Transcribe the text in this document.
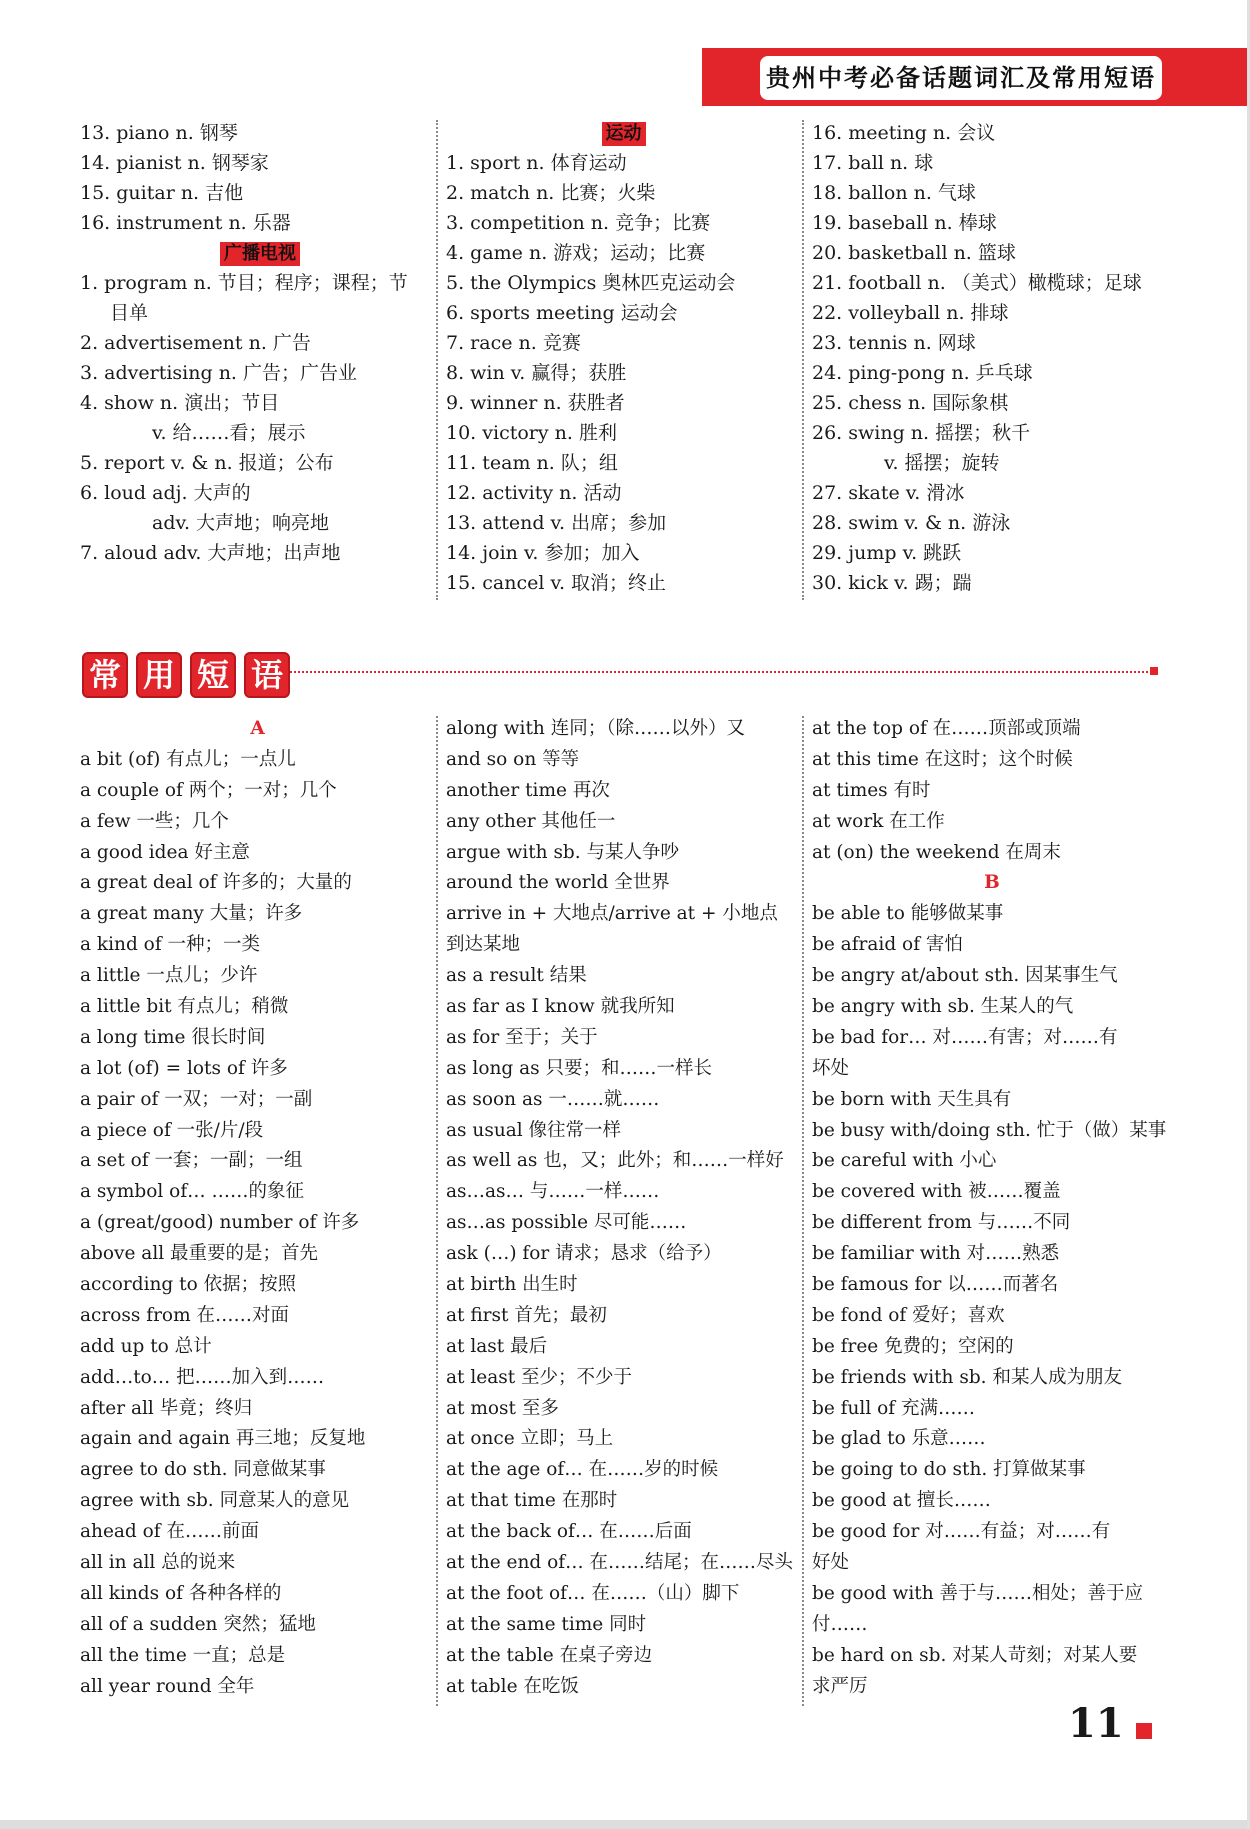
贵州中考必备话题词汇及常用短语
13. piano n. 钢琴
14. pianist n. 钢琴家
15. guitar n. 吉他
16. instrument n. 乐器
广播电视
1. program n. 节目；程序；课程；节
目单
2. advertisement n. 广告
3. advertising n. 广告；广告业
4. show n. 演出；节目
v. 给……看；展示
5. report v. & n. 报道；公布
6. loud adj. 大声的
adv. 大声地；响亮地
7. aloud adv. 大声地；出声地
运动
1. sport n. 体育运动
2. match n. 比赛；火柴
3. competition n. 竞争；比赛
4. game n. 游戏；运动；比赛
5. the Olympics 奥林匹克运动会
6. sports meeting 运动会
7. race n. 竞赛
8. win v. 赢得；获胜
9. winner n. 获胜者
10. victory n. 胜利
11. team n. 队；组
12. activity n. 活动
13. attend v. 出席；参加
14. join v. 参加；加入
15. cancel v. 取消；终止
16. meeting n. 会议
17. ball n. 球
18. ballon n. 气球
19. baseball n. 棒球
20. basketball n. 篮球
21. football n. （美式）橄榄球；足球
22. volleyball n. 排球
23. tennis n. 网球
24. ping-pong n. 乒乓球
25. chess n. 国际象棋
26. swing n. 摇摆；秋千
v. 摇摆；旋转
27. skate v. 滑冰
28. swim v. & n. 游泳
29. jump v. 跳跃
30. kick v. 踢；踹
常 用 短 语
A
a bit (of) 有点儿；一点儿
a couple of 两个；一对；几个
a few 一些；几个
a good idea 好主意
a great deal of 许多的；大量的
a great many 大量；许多
a kind of 一种；一类
a little 一点儿；少许
a little bit 有点儿；稍微
a long time 很长时间
a lot (of) = lots of 许多
a pair of 一双；一对；一副
a piece of 一张/片/段
a set of 一套；一副；一组
a symbol of… ……的象征
a (great/good) number of 许多
above all 最重要的是；首先
according to 依据；按照
across from 在……对面
add up to 总计
add…to… 把……加入到……
after all 毕竟；终归
again and again 再三地；反复地
agree to do sth. 同意做某事
agree with sb. 同意某人的意见
ahead of 在……前面
all in all 总的说来
all kinds of 各种各样的
all of a sudden 突然；猛地
all the time 一直；总是
all year round 全年
along with 连同；（除……以外）又
and so on 等等
another time 再次
any other 其他任一
argue with sb. 与某人争吵
around the world 全世界
arrive in + 大地点/arrive at + 小地点
到达某地
as a result 结果
as far as I know 就我所知
as for 至于；关于
as long as 只要；和……一样长
as soon as 一……就……
as usual 像往常一样
as well as 也，又；此外；和……一样好
as…as… 与……一样……
as…as possible 尽可能……
ask (…) for 请求；恳求（给予）
at birth 出生时
at first 首先；最初
at last 最后
at least 至少；不少于
at most 至多
at once 立即；马上
at the age of… 在……岁的时候
at that time 在那时
at the back of… 在……后面
at the end of… 在……结尾；在……尽头
at the foot of… 在……（山）脚下
at the same time 同时
at the table 在桌子旁边
at table 在吃饭
at the top of 在……顶部或顶端
at this time 在这时；这个时候
at times 有时
at work 在工作
at (on) the weekend 在周末
B
be able to 能够做某事
be afraid of 害怕
be angry at/about sth. 因某事生气
be angry with sb. 生某人的气
be bad for… 对……有害；对……有
坏处
be born with 天生具有
be busy with/doing sth. 忙于（做）某事
be careful with 小心
be covered with 被……覆盖
be different from 与……不同
be familiar with 对……熟悉
be famous for 以……而著名
be fond of 爱好；喜欢
be free 免费的；空闲的
be friends with sb. 和某人成为朋友
be full of 充满……
be glad to 乐意……
be going to do sth. 打算做某事
be good at 擅长……
be good for 对……有益；对……有
好处
be good with 善于与……相处；善于应
付……
be hard on sb. 对某人苛刻；对某人要
求严厉
11
